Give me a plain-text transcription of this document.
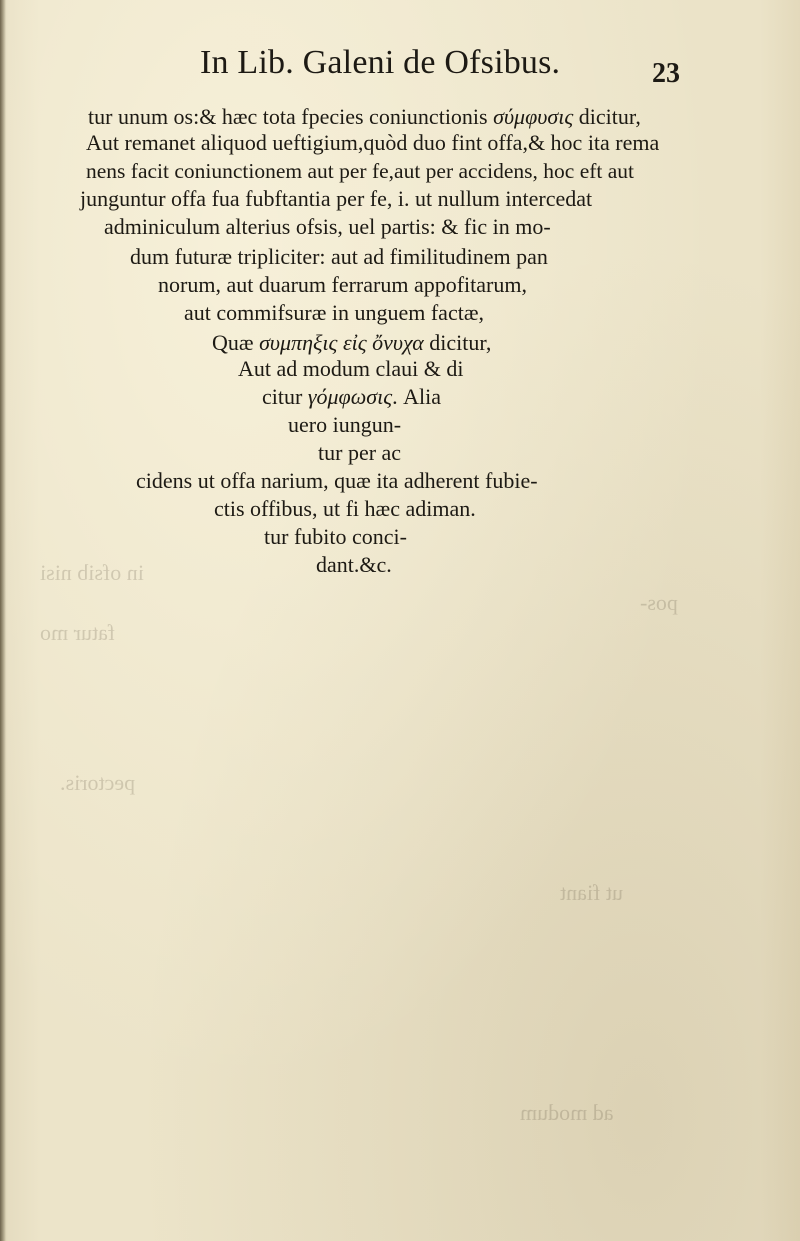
in ofsib nisi
fatur mo
pectoris.
pos-
ut fiant
ad modum
In Lib. Galeni de Ofsibus.	23
tur unum os:& hæc tota fpecies coniunctionis σύμφυσις dicitur,
Aut remanet aliquod ueftigium,quòd duo fint offa,& hoc ita rema
nens facit coniunctionem aut per fe,aut per accidens, hoc eft aut
junguntur offa fua fubftantia per fe, i. ut nullum intercedat
adminiculum alterius ofsis, uel partis: & fic in mo-
dum futuræ tripliciter: aut ad fimilitudinem pan
norum, aut duarum ferrarum appofitarum,
aut commifsuræ in unguem factæ,
Quæ συμπηξις εἰς ὄνυχα dicitur,
Aut ad modum claui & di
citur γόμφωσις. Alia
uero iungun-
tur per ac
cidens ut offa narium, quæ ita adherent fubie-
ctis offibus, ut fi hæc adiman.
tur fubito conci-
dant.&c.
